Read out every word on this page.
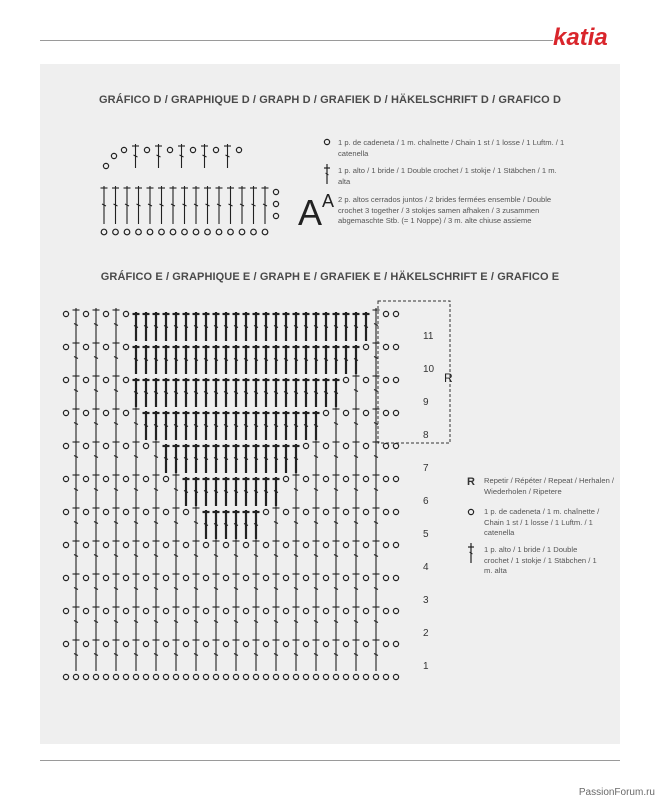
katia
GRÁFICO D / GRAPHIQUE D / GRAPH D / GRAFIEK D / HÄKELSCHRIFT D / GRAFICO D
A
1 p. de cadeneta / 1 m. chaînette / Chain 1 st / 1 losse / 1 Luftm. / 1 catenella
1 p. alto / 1 bride / 1 Double crochet / 1 stokje / 1 Stäbchen / 1 m. alta
A 2 p. altos cerrados juntos / 2 brides fermées ensemble / Double crochet 3 together / 3 stokjes samen afhaken / 3 zusammen abgemaschte Stb. (= 1 Noppe) / 3 m. alte chiuse assieme
GRÁFICO E / GRAPHIQUE E / GRAPH E / GRAFIEK E / HÄKELSCHRIFT E / GRAFICO E
R
1
2
3
4
5
6
7
8
9
10
11
R Repetir / Répéter / Repeat / Herhalen / Wiederholen / Ripetere
1 p. de cadeneta / 1 m. chaînette / Chain 1 st / 1 losse / 1 Luftm. / 1 catenella
1 p. alto / 1 bride / 1 Double crochet / 1 stokje / 1 Stäbchen / 1 m. alta
PassionForum.ru
